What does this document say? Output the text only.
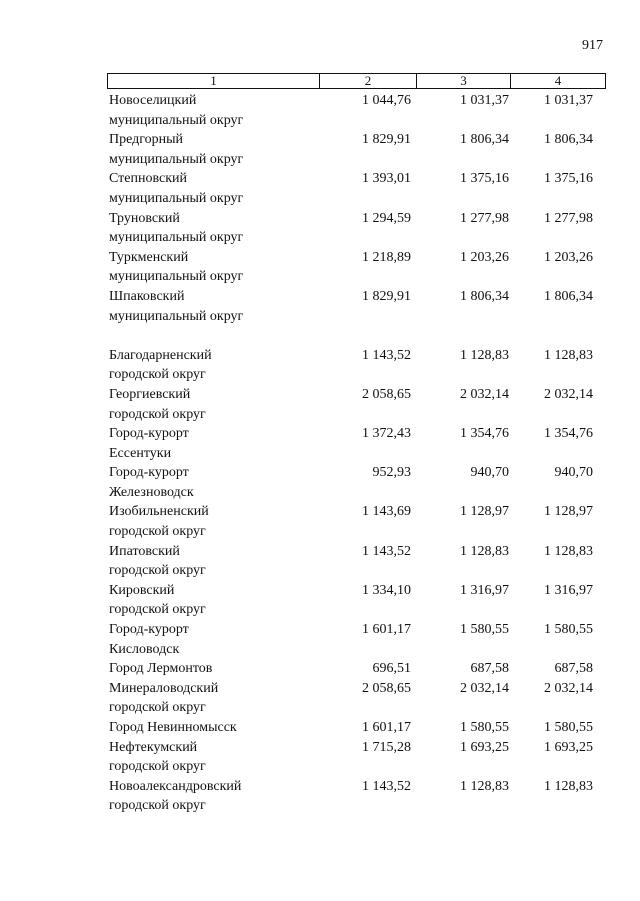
917
1	2	3	4
Новоселицкий
муниципальный округ
1 044,76	1 031,37	1 031,37
Предгорный
муниципальный округ
1 829,91	1 806,34	1 806,34
Степновский
муниципальный округ
1 393,01	1 375,16	1 375,16
Труновский
муниципальный округ
1 294,59	1 277,98	1 277,98
Туркменский
муниципальный округ
1 218,89	1 203,26	1 203,26
Шпаковский
муниципальный округ
1 829,91	1 806,34	1 806,34
Благодарненский
городской округ
1 143,52	1 128,83	1 128,83
Георгиевский
городской округ
2 058,65	2 032,14	2 032,14
Город-курорт
Ессентуки
1 372,43	1 354,76	1 354,76
Город-курорт
Железноводск
952,93	940,70	940,70
Изобильненский
городской округ
1 143,69	1 128,97	1 128,97
Ипатовский
городской округ
1 143,52	1 128,83	1 128,83
Кировский
городской округ
1 334,10	1 316,97	1 316,97
Город-курорт
Кисловодск
1 601,17	1 580,55	1 580,55
Город Лермонтов	696,51	687,58	687,58
Минераловодский
городской округ
2 058,65	2 032,14	2 032,14
Город Невинномысск	1 601,17	1 580,55	1 580,55
Нефтекумский
городской округ
1 715,28	1 693,25	1 693,25
Новоалександровский
городской округ
1 143,52	1 128,83	1 128,83
